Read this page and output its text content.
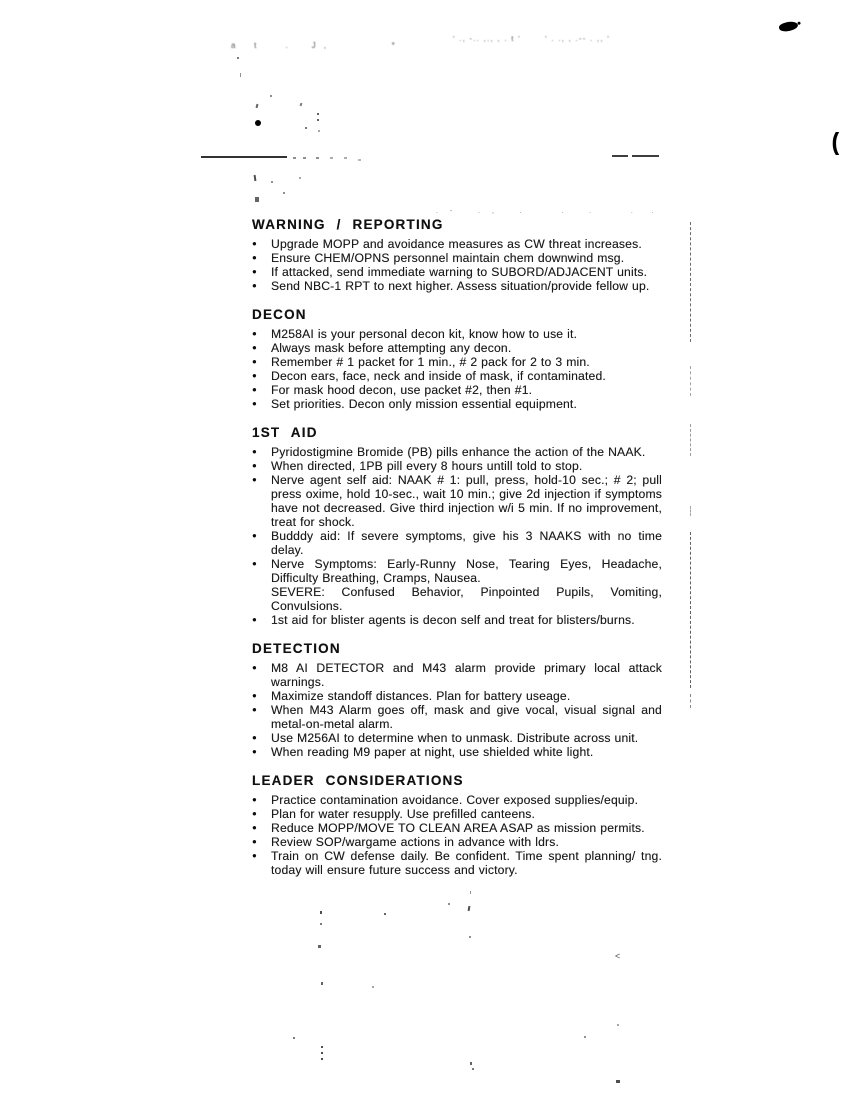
a   t     .    J ,            *
' ., -.. ,., , . t '       ' . ., , .-- . ,, '
. -   . ,   .     .   .     .  .
(
<
WARNING / REPORTING
●	Upgrade MOPP and avoidance measures as CW threat increases.
●	Ensure CHEM/OPNS personnel maintain chem downwind msg.
●	If attacked, send immediate warning to SUBORD/ADJACENT units.
●	Send NBC-1 RPT to next higher. Assess situation/provide fellow up.
DECON
●	M258AI is your personal decon kit, know how to use it.
●	Always mask before attempting any decon.
●	Remember # 1 packet for 1 min., # 2 pack for 2 to 3 min.
●	Decon ears, face, neck and inside of mask, if contaminated.
●	For mask hood decon, use packet #2, then #1.
●	Set priorities. Decon only mission essential equipment.
1ST AID
●	Pyridostigmine Bromide (PB) pills enhance the action of the NAAK.
●	When directed, 1PB pill every 8 hours untill told to stop.
●	Nerve agent self aid: NAAK # 1: pull, press, hold-10 sec.; # 2; pull press oxime, hold 10-sec., wait 10 min.; give 2d injection if symptoms have not decreased. Give third injection w/i 5 min. If no improvement, treat for shock.
●	Budddy aid: If severe symptoms, give his 3 NAAKS with no time delay.
●	Nerve Symptoms: Early-Runny Nose, Tearing Eyes, Headache, Difficulty Breathing, Cramps, Nausea.
SEVERE: Confused Behavior, Pinpointed Pupils, Vomiting, Convulsions.
●	1st aid for blister agents is decon self and treat for blisters/burns.
DETECTION
●	M8 AI DETECTOR and M43 alarm provide primary local attack warnings.
●	Maximize standoff distances. Plan for battery useage.
●	When M43 Alarm goes off, mask and give vocal, visual signal and metal-on-metal alarm.
●	Use M256AI to determine when to unmask. Distribute across unit.
●	When reading M9 paper at night, use shielded white light.
LEADER CONSIDERATIONS
●	Practice contamination avoidance. Cover exposed supplies/equip.
●	Plan for water resupply. Use prefilled canteens.
●	Reduce MOPP/MOVE TO CLEAN AREA ASAP as mission permits.
●	Review SOP/wargame actions in advance with ldrs.
●	Train on CW defense daily. Be confident. Time spent planning/ tng. today will ensure future success and victory.
